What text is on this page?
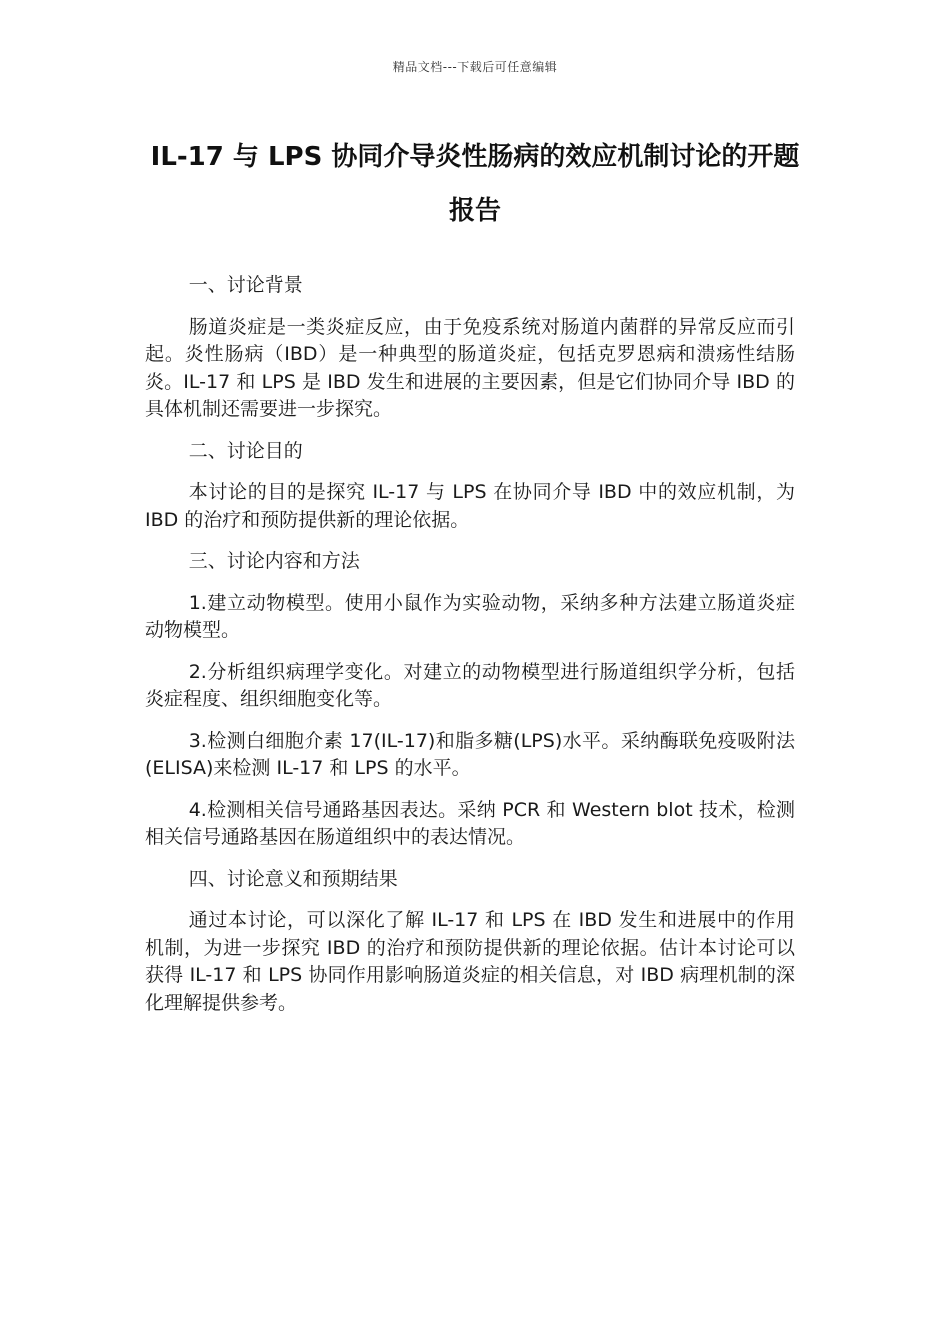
精品文档---下载后可任意编辑
IL-17 与 LPS 协同介导炎性肠病的效应机制讨论的开题报告

一、讨论背景

肠道炎症是一类炎症反应，由于免疫系统对肠道内菌群的异常反应而引起。炎性肠病（IBD）是一种典型的肠道炎症，包括克罗恩病和溃疡性结肠炎。IL-17 和 LPS 是 IBD 发生和进展的主要因素，但是它们协同介导 IBD 的具体机制还需要进一步探究。

二、讨论目的

本讨论的目的是探究 IL-17 与 LPS 在协同介导 IBD 中的效应机制，为 IBD 的治疗和预防提供新的理论依据。

三、讨论内容和方法

1.建立动物模型。使用小鼠作为实验动物，采纳多种方法建立肠道炎症动物模型。

2.分析组织病理学变化。对建立的动物模型进行肠道组织学分析，包括炎症程度、组织细胞变化等。

3.检测白细胞介素 17(IL-17)和脂多糖(LPS)水平。采纳酶联免疫吸附法(ELISA)来检测 IL-17 和 LPS 的水平。

4.检测相关信号通路基因表达。采纳 PCR 和 Western blot 技术，检测相关信号通路基因在肠道组织中的表达情况。

四、讨论意义和预期结果

通过本讨论，可以深化了解 IL-17 和 LPS 在 IBD 发生和进展中的作用机制，为进一步探究 IBD 的治疗和预防提供新的理论依据。估计本讨论可以获得 IL-17 和 LPS 协同作用影响肠道炎症的相关信息，对 IBD 病理机制的深化理解提供参考。
